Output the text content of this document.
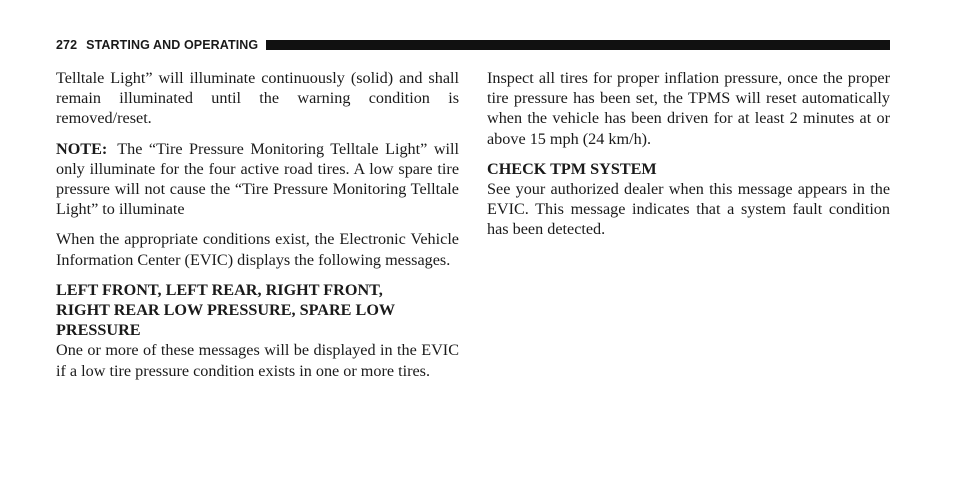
272 STARTING AND OPERATING

Telltale Light” will illuminate continuously (solid) and shall remain illuminated until the warning condition is removed/reset.

NOTE: The “Tire Pressure Monitoring Telltale Light” will only illuminate for the four active road tires. A low spare tire pressure will not cause the “Tire Pressure Monitoring Telltale Light” to illuminate

When the appropriate conditions exist, the Electronic Vehicle Information Center (EVIC) displays the following messages.

LEFT FRONT, LEFT REAR, RIGHT FRONT,
RIGHT REAR LOW PRESSURE, SPARE LOW
PRESSURE

One or more of these messages will be displayed in the EVIC if a low tire pressure condition exists in one or more tires.

Inspect all tires for proper inflation pressure, once the proper tire pressure has been set, the TPMS will reset automatically when the vehicle has been driven for at least 2 minutes at or above 15 mph (24 km/h).

CHECK TPM SYSTEM

See your authorized dealer when this message appears in the EVIC. This message indicates that a system fault condition has been detected.
